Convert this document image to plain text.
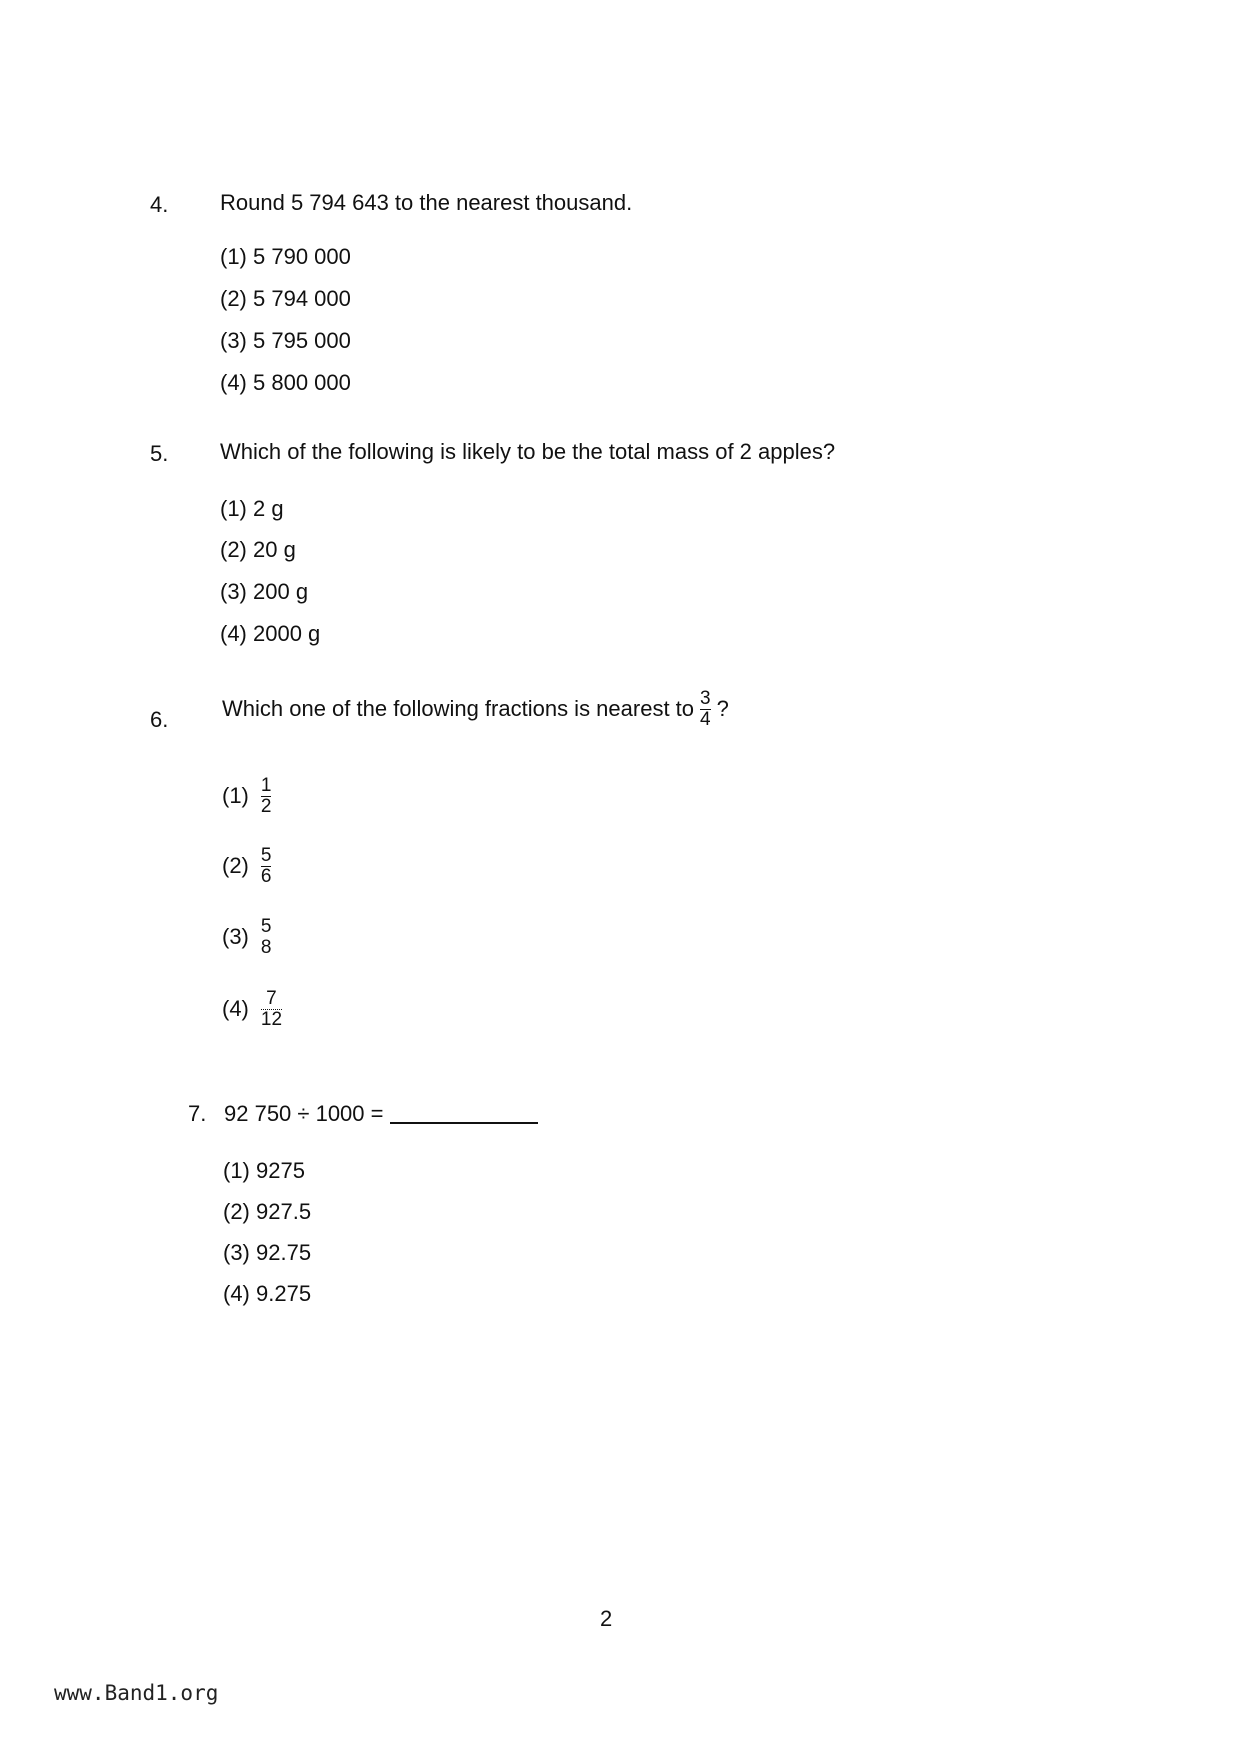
4. Round 5 794 643 to the nearest thousand.
(1) 5 790 000
(2) 5 794 000
(3) 5 795 000
(4) 5 800 000
5. Which of the following is likely to be the total mass of 2 apples?
(1) 2 g
(2) 20 g
(3) 200 g
(4) 2000 g
6. Which one of the following fractions is nearest to $\frac{3}{4}$ ?
$(1) \frac{1}{2}$
$(2) \frac{5}{6}$
(3) 5
8
$(4) \frac{7}{12}$
7. 92 750 ÷ 1000 =
(1) 9275
(2) 927.5
(3) 92.75
(4) 9.275
2
www.Band1.org
